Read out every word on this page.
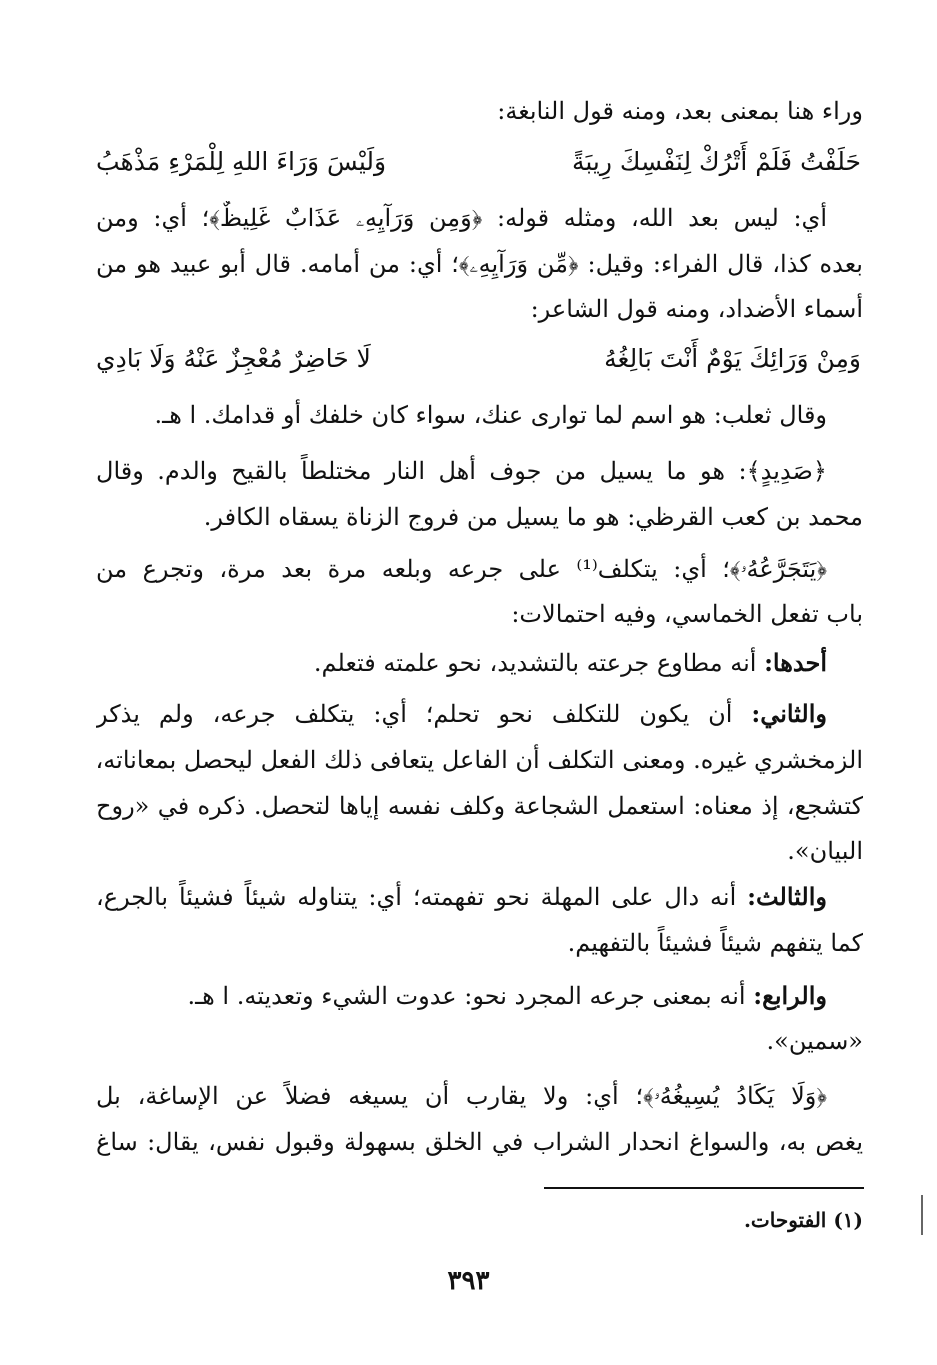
وراء هنا بمعنى بعد، ومنه قول النابغة:
حَلَفْتُ فَلَمْ أَتْرُكْ لِنَفْسِكَ رِيبَةً
وَلَيْسَ وَرَاءَ اللهِ لِلْمَرْءِ مَذْهَبُ
أي: ليس بعد الله، ومثله قوله: ﴿وَمِن وَرَآيِهِۦ عَذَابٌ غَلِيظٌ﴾؛ أي: ومن
بعده كذا، قال الفراء: وقيل: ﴿مِّن وَرَآيِهِۦ﴾؛ أي: من أمامه. قال أبو عبيد هو من
أسماء الأضداد، ومنه قول الشاعر:
وَمِنْ وَرَائِكَ يَوْمٌ أَنْتَ بَالِغُهُ
لَا حَاضِرٌ مُعْجِزٌ عَنْهُ وَلَا بَادِي
وقال ثعلب: هو اسم لما توارى عنك، سواء كان خلفك أو قدامك. ا هـ.
﴿صَدِيدٍ﴾: هو ما يسيل من جوف أهل النار مختلطاً بالقيح والدم. وقال
محمد بن كعب القرظي: هو ما يسيل من فروج الزناة يسقاه الكافر.
﴿يَتَجَرَّعُهُۥ﴾؛ أي: يتكلف⁽¹⁾ على جرعه وبلعه مرة بعد مرة، وتجرع من
باب تفعل الخماسي، وفيه احتمالات:
أحدها: أنه مطاوع جرعته بالتشديد، نحو علمته فتعلم.
والثاني: أن يكون للتكلف نحو تحلم؛ أي: يتكلف جرعه، ولم يذكر
الزمخشري غيره. ومعنى التكلف أن الفاعل يتعافى ذلك الفعل ليحصل بمعاناته،
كتشجع، إذ معناه: استعمل الشجاعة وكلف نفسه إياها لتحصل. ذكره في «روح
البيان».
والثالث: أنه دال على المهلة نحو تفهمته؛ أي: يتناوله شيئاً فشيئاً بالجرع،
كما يتفهم شيئاً فشيئاً بالتفهيم.
والرابع: أنه بمعنى جرعه المجرد نحو: عدوت الشيء وتعديته. ا هـ.
«سمين».
﴿وَلَا يَكَادُ يُسِيغُهُۥ﴾؛ أي: ولا يقارب أن يسيغه فضلاً عن الإساغة، بل
يغص به، والسواغ انحدار الشراب في الخلق بسهولة وقبول نفس، يقال: ساغ
(١) الفتوحات.
٣٩٣
